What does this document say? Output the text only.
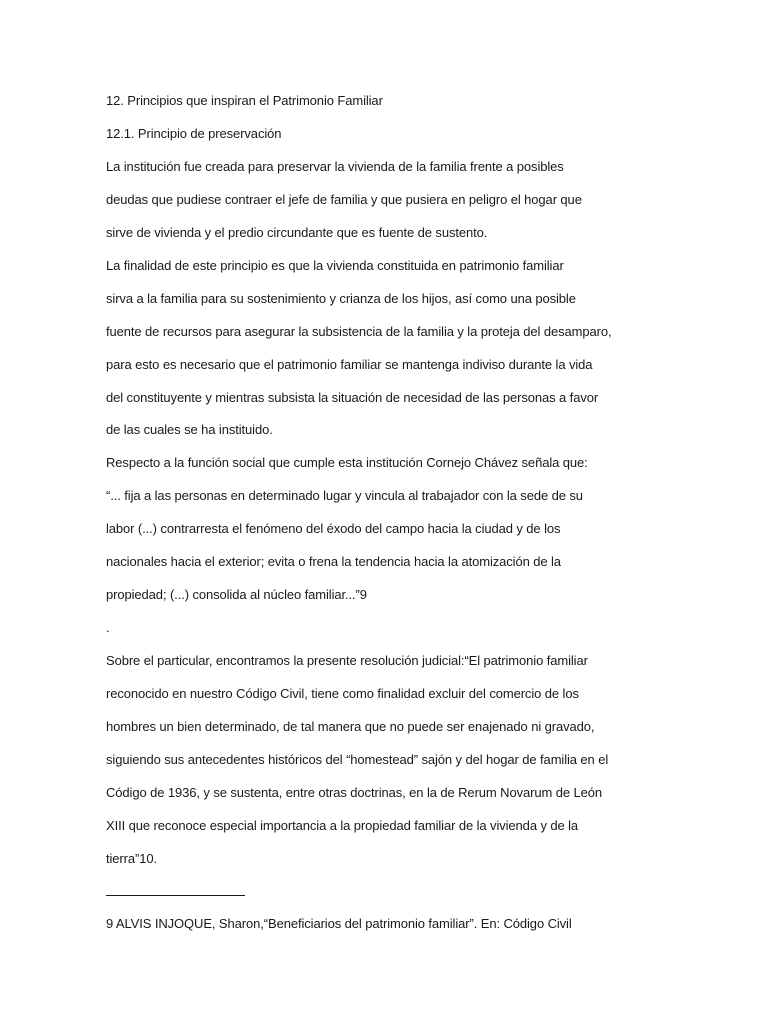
12. Principios que inspiran el Patrimonio Familiar

12.1. Principio de preservación

La institución fue creada para preservar la vivienda de la familia frente a posibles

deudas que pudiese contraer el jefe de familia y que pusiera en peligro el hogar que

sirve de vivienda y el predio circundante que es fuente de sustento.

La finalidad de este principio es que la vivienda constituida en patrimonio familiar

sirva a la familia para su sostenimiento y crianza de los hijos, así como una posible

fuente de recursos para asegurar la subsistencia de la familia y la proteja del desamparo,

para esto es necesario que el patrimonio familiar se mantenga indiviso durante la vida

del constituyente y mientras subsista la situación de necesidad de las personas a favor

de las cuales se ha instituido.

Respecto a la función social que cumple esta institución Cornejo Chávez señala que:

“... fija a las personas en determinado lugar y vincula al trabajador con la sede de su

labor (...) contrarresta el fenómeno del éxodo del campo hacia la ciudad y de los

nacionales hacia el exterior; evita o frena la tendencia hacia la atomización de la

propiedad; (...) consolida al núcleo familiar...”9

.

Sobre el particular, encontramos la presente resolución judicial:“El patrimonio familiar

reconocido en nuestro Código Civil, tiene como finalidad excluir del comercio de los

hombres un bien determinado, de tal manera que no puede ser enajenado ni gravado,

siguiendo sus antecedentes históricos del “homestead” sajón y del hogar de familia en el

Código de 1936, y se sustenta, entre otras doctrinas, en la de Rerum Novarum de León

XIII que reconoce especial importancia a la propiedad familiar de la vivienda y de la

tierra”10.

9 ALVIS INJOQUE, Sharon,“Beneficiarios del patrimonio familiar”. En: Código Civil
